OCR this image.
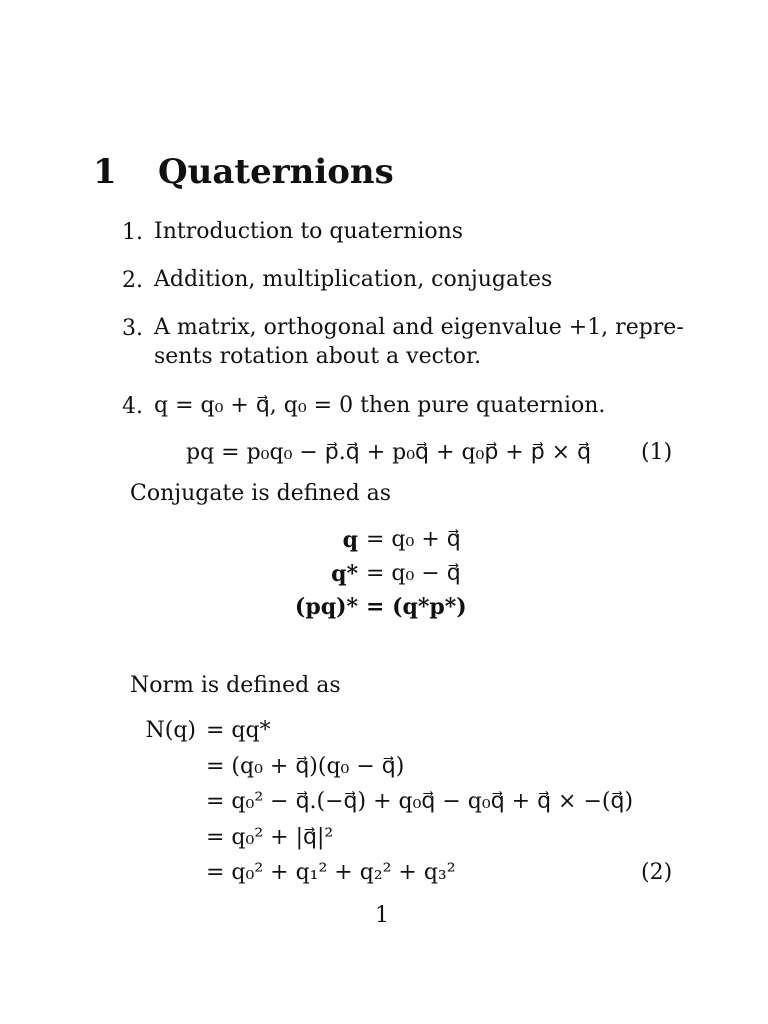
1 Quaternions
1. Introduction to quaternions
2. Addition, multiplication, conjugates
3. A matrix, orthogonal and eigenvalue +1, repre-
sents rotation about a vector.
4. q = q₀ + q⃗, q₀ = 0 then pure quaternion.
pq = p₀q₀ − p⃗.q⃗ + p₀q⃗ + q₀p⃗ + p⃗ × q⃗ (1)
Conjugate is defined as
q = q₀ + q⃗
q* = q₀ − q⃗
(pq)* = (q*p*)
Norm is defined as
N(q) = qq*
= (q₀ + q⃗)(q₀ − q⃗)
= q₀² − q⃗.(−q⃗) + q₀q⃗ − q₀q⃗ + q⃗ × −(q⃗)
= q₀² + |q⃗|²
= q₀² + q₁² + q₂² + q₃²	(2)
1
